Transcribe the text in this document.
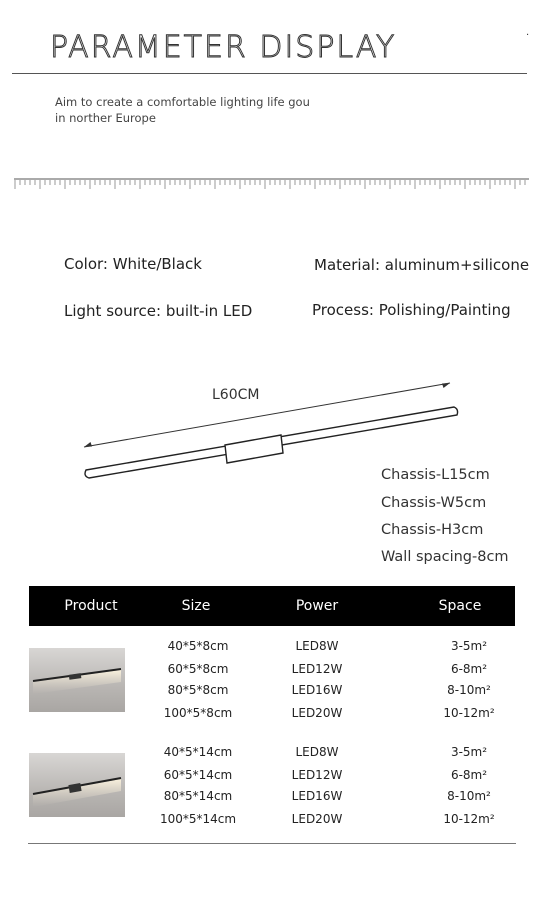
PARAMETER DISPLAY	·
Aim to create a comfortable lighting life gou
in norther Europe
Color: White/Black	Material: aluminum+silicone
Light source: built-in LED	Process: Polishing/Painting
L60CM
Chassis-L15cm
Chassis-W5cm
Chassis-H3cm
Wall spacing-8cm
Product	Size	Power	Space
40*5*8cm	LED8W	3-5m²
60*5*8cm	LED12W	6-8m²
80*5*8cm	LED16W	8-10m²
100*5*8cm	LED20W	10-12m²
40*5*14cm	LED8W	3-5m²
60*5*14cm	LED12W	6-8m²
80*5*14cm	LED16W	8-10m²
100*5*14cm	LED20W	10-12m²
